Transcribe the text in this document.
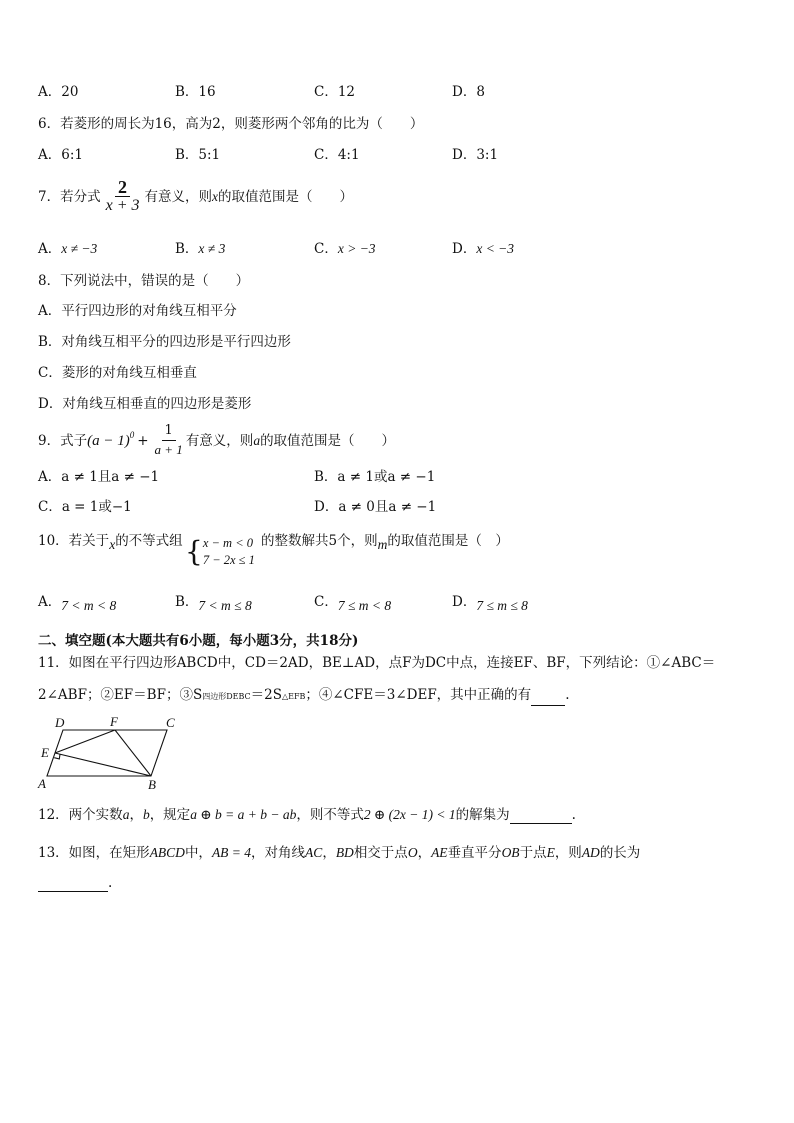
A．20	B．16	C．12	D．8
6．若菱形的周长为16，高为2，则菱形两个邻角的比为（　　）
A．6:1	B．5:1	C．4:1	D．3:1
7．若分式 $\frac{2}{x + 3}$ 有意义，则 x 的取值范围是（　　）
A．x ≠ −3	B．x ≠ 3	C．x > −3	D．x < −3
8．下列说法中，错误的是（　　）
A．平行四边形的对角线互相平分
B．对角线互相平分的四边形是平行四边形
C．菱形的对角线互相垂直
D．对角线互相垂直的四边形是菱形
9．式子 $(a - 1)^0 + \frac{1}{a + 1}$ 有意义，则 a 的取值范围是（　　）
A．a ≠ 1且a ≠ −1	B．a ≠ 1或a ≠ −1
C．a = 1或−1	D．a ≠ 0且a ≠ −1
10．若关于x的不等式组 { x − m < 0
7 − 2x ≤ 1
的整数解共5个，则m的取值范围是（　）
A．7 < m < 8	B．7 < m ≤ 8	C．7 ≤ m < 8	D．7 ≤ m ≤ 8
二、填空题(本大题共有6小题，每小题3分，共18分)
11．如图在平行四边形ABCD中，CD＝2AD，BE⊥AD，点F为DC中点，连接EF、BF，下列结论：①∠ABC＝
2∠ABF；②EF＝BF；③S四边形DEBC＝2S△EFB；④∠CFE＝3∠DEF，其中正确的有	.
D	F	C
E
A	B
12．两个实数a，b，规定a ⊕ b = a + b − ab，则不等式2 ⊕ (2x − 1) < 1的解集为	.
13．如图，在矩形ABCD中，AB = 4，对角线AC，BD相交于点O，AE垂直平分OB于点E，则AD的长为
.
